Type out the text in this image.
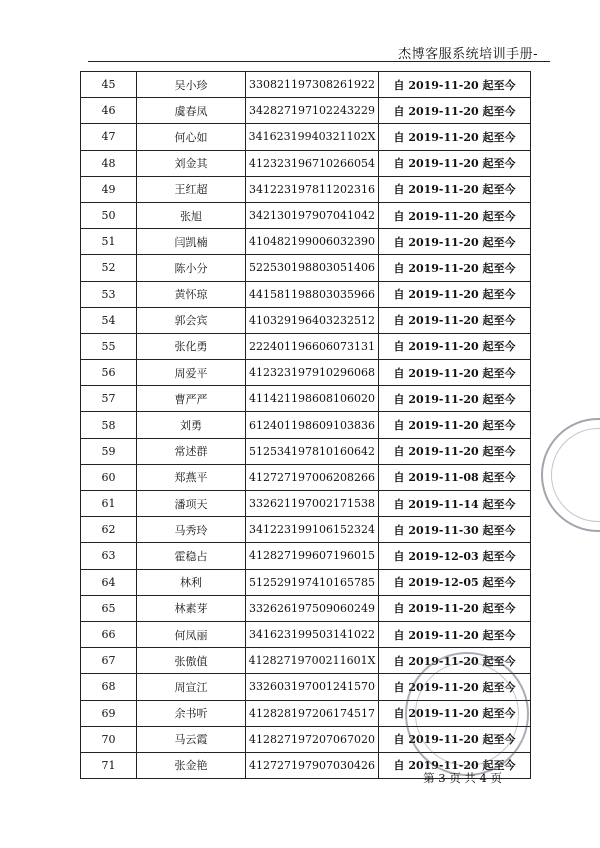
杰博客服系统培训手册-
45	吴小珍	330821197308261922	自 2019-11-20 起至今
46	虞春凤	342827197102243229	自 2019-11-20 起至今
47	何心如	34162319940321102X	自 2019-11-20 起至今
48	刘金其	412323196710266054	自 2019-11-20 起至今
49	王红超	341223197811202316	自 2019-11-20 起至今
50	张旭	342130197907041042	自 2019-11-20 起至今
51	闫凯楠	410482199006032390	自 2019-11-20 起至今
52	陈小分	522530198803051406	自 2019-11-20 起至今
53	黄怀琼	441581198803035966	自 2019-11-20 起至今
54	郭会宾	410329196403232512	自 2019-11-20 起至今
55	张化勇	222401196606073131	自 2019-11-20 起至今
56	周爱平	412323197910296068	自 2019-11-20 起至今
57	曹严严	411421198608106020	自 2019-11-20 起至今
58	刘勇	612401198609103836	自 2019-11-20 起至今
59	常述群	512534197810160642	自 2019-11-20 起至今
60	郑燕平	412727197006208266	自 2019-11-08 起至今
61	潘项天	332621197002171538	自 2019-11-14 起至今
62	马秀玲	341223199106152324	自 2019-11-30 起至今
63	霍稳占	412827199607196015	自 2019-12-03 起至今
64	林利	512529197410165785	自 2019-12-05 起至今
65	林素芽	332626197509060249	自 2019-11-20 起至今
66	何凤丽	341623199503141022	自 2019-11-20 起至今
67	张傲值	41282719700211601X	自 2019-11-20 起至今
68	周宣江	332603197001241570	自 2019-11-20 起至今
69	余书听	412828197206174517	自 2019-11-20 起至今
70	马云霞	412827197207067020	自 2019-11-20 起至今
71	张金艳	412727197907030426	自 2019-11-20 起至今
第 3 页 共 4 页
